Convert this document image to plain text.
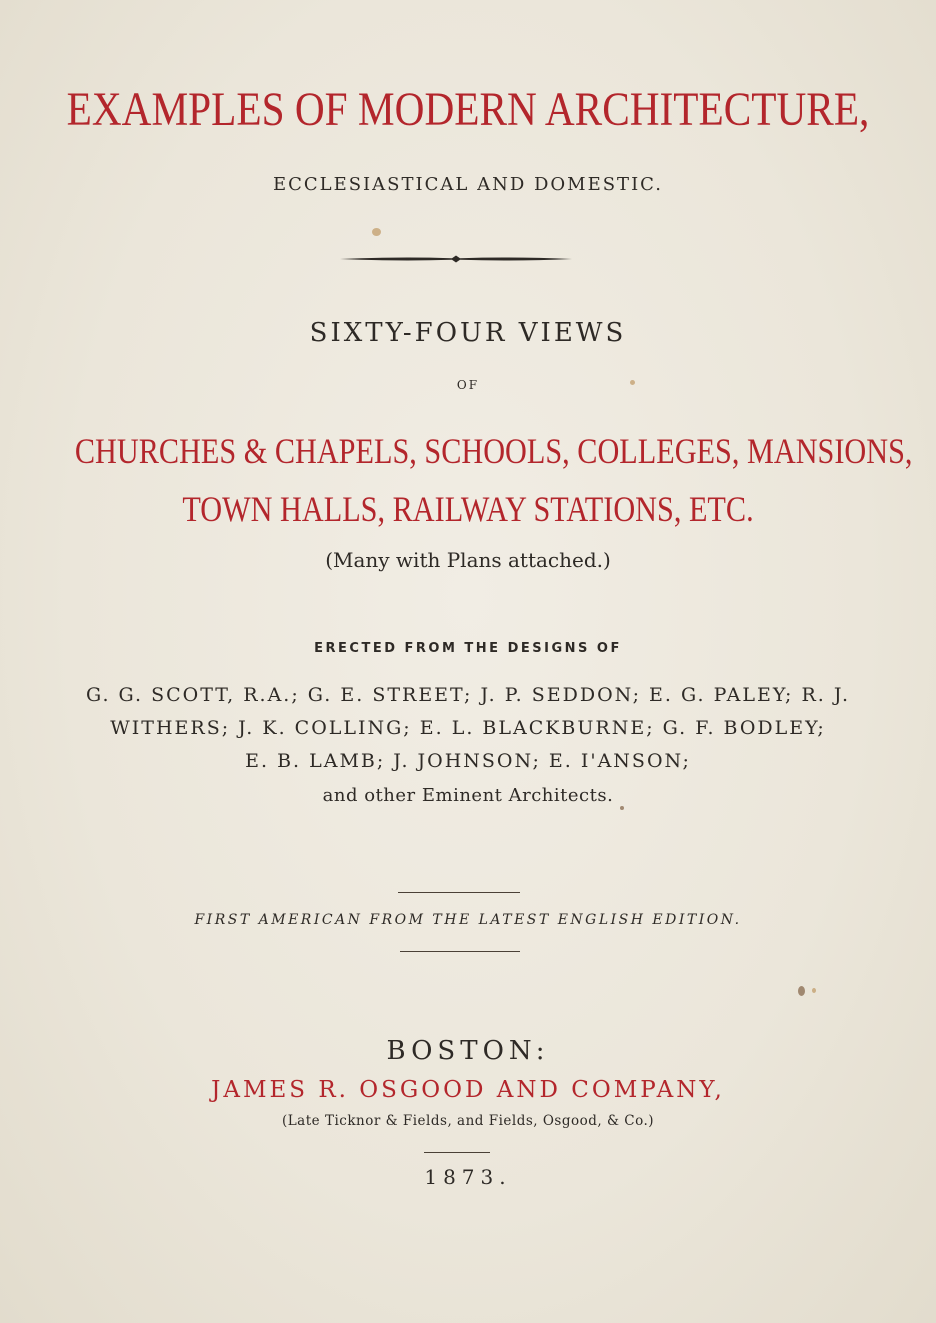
EXAMPLES OF MODERN ARCHITECTURE,
ECCLESIASTICAL AND DOMESTIC.
SIXTY-FOUR VIEWS
OF
CHURCHES & CHAPELS, SCHOOLS, COLLEGES, MANSIONS,
TOWN HALLS, RAILWAY STATIONS, ETC.
(Many with Plans attached.)
ERECTED FROM THE DESIGNS OF
G. G. SCOTT, R.A.; G. E. STREET; J. P. SEDDON; E. G. PALEY; R. J.
WITHERS; J. K. COLLING; E. L. BLACKBURNE; G. F. BODLEY;
E. B. LAMB; J. JOHNSON; E. I'ANSON;
and other Eminent Architects.
FIRST AMERICAN FROM THE LATEST ENGLISH EDITION.
BOSTON:
JAMES R. OSGOOD AND COMPANY,
(Late Ticknor & Fields, and Fields, Osgood, & Co.)
1873.
